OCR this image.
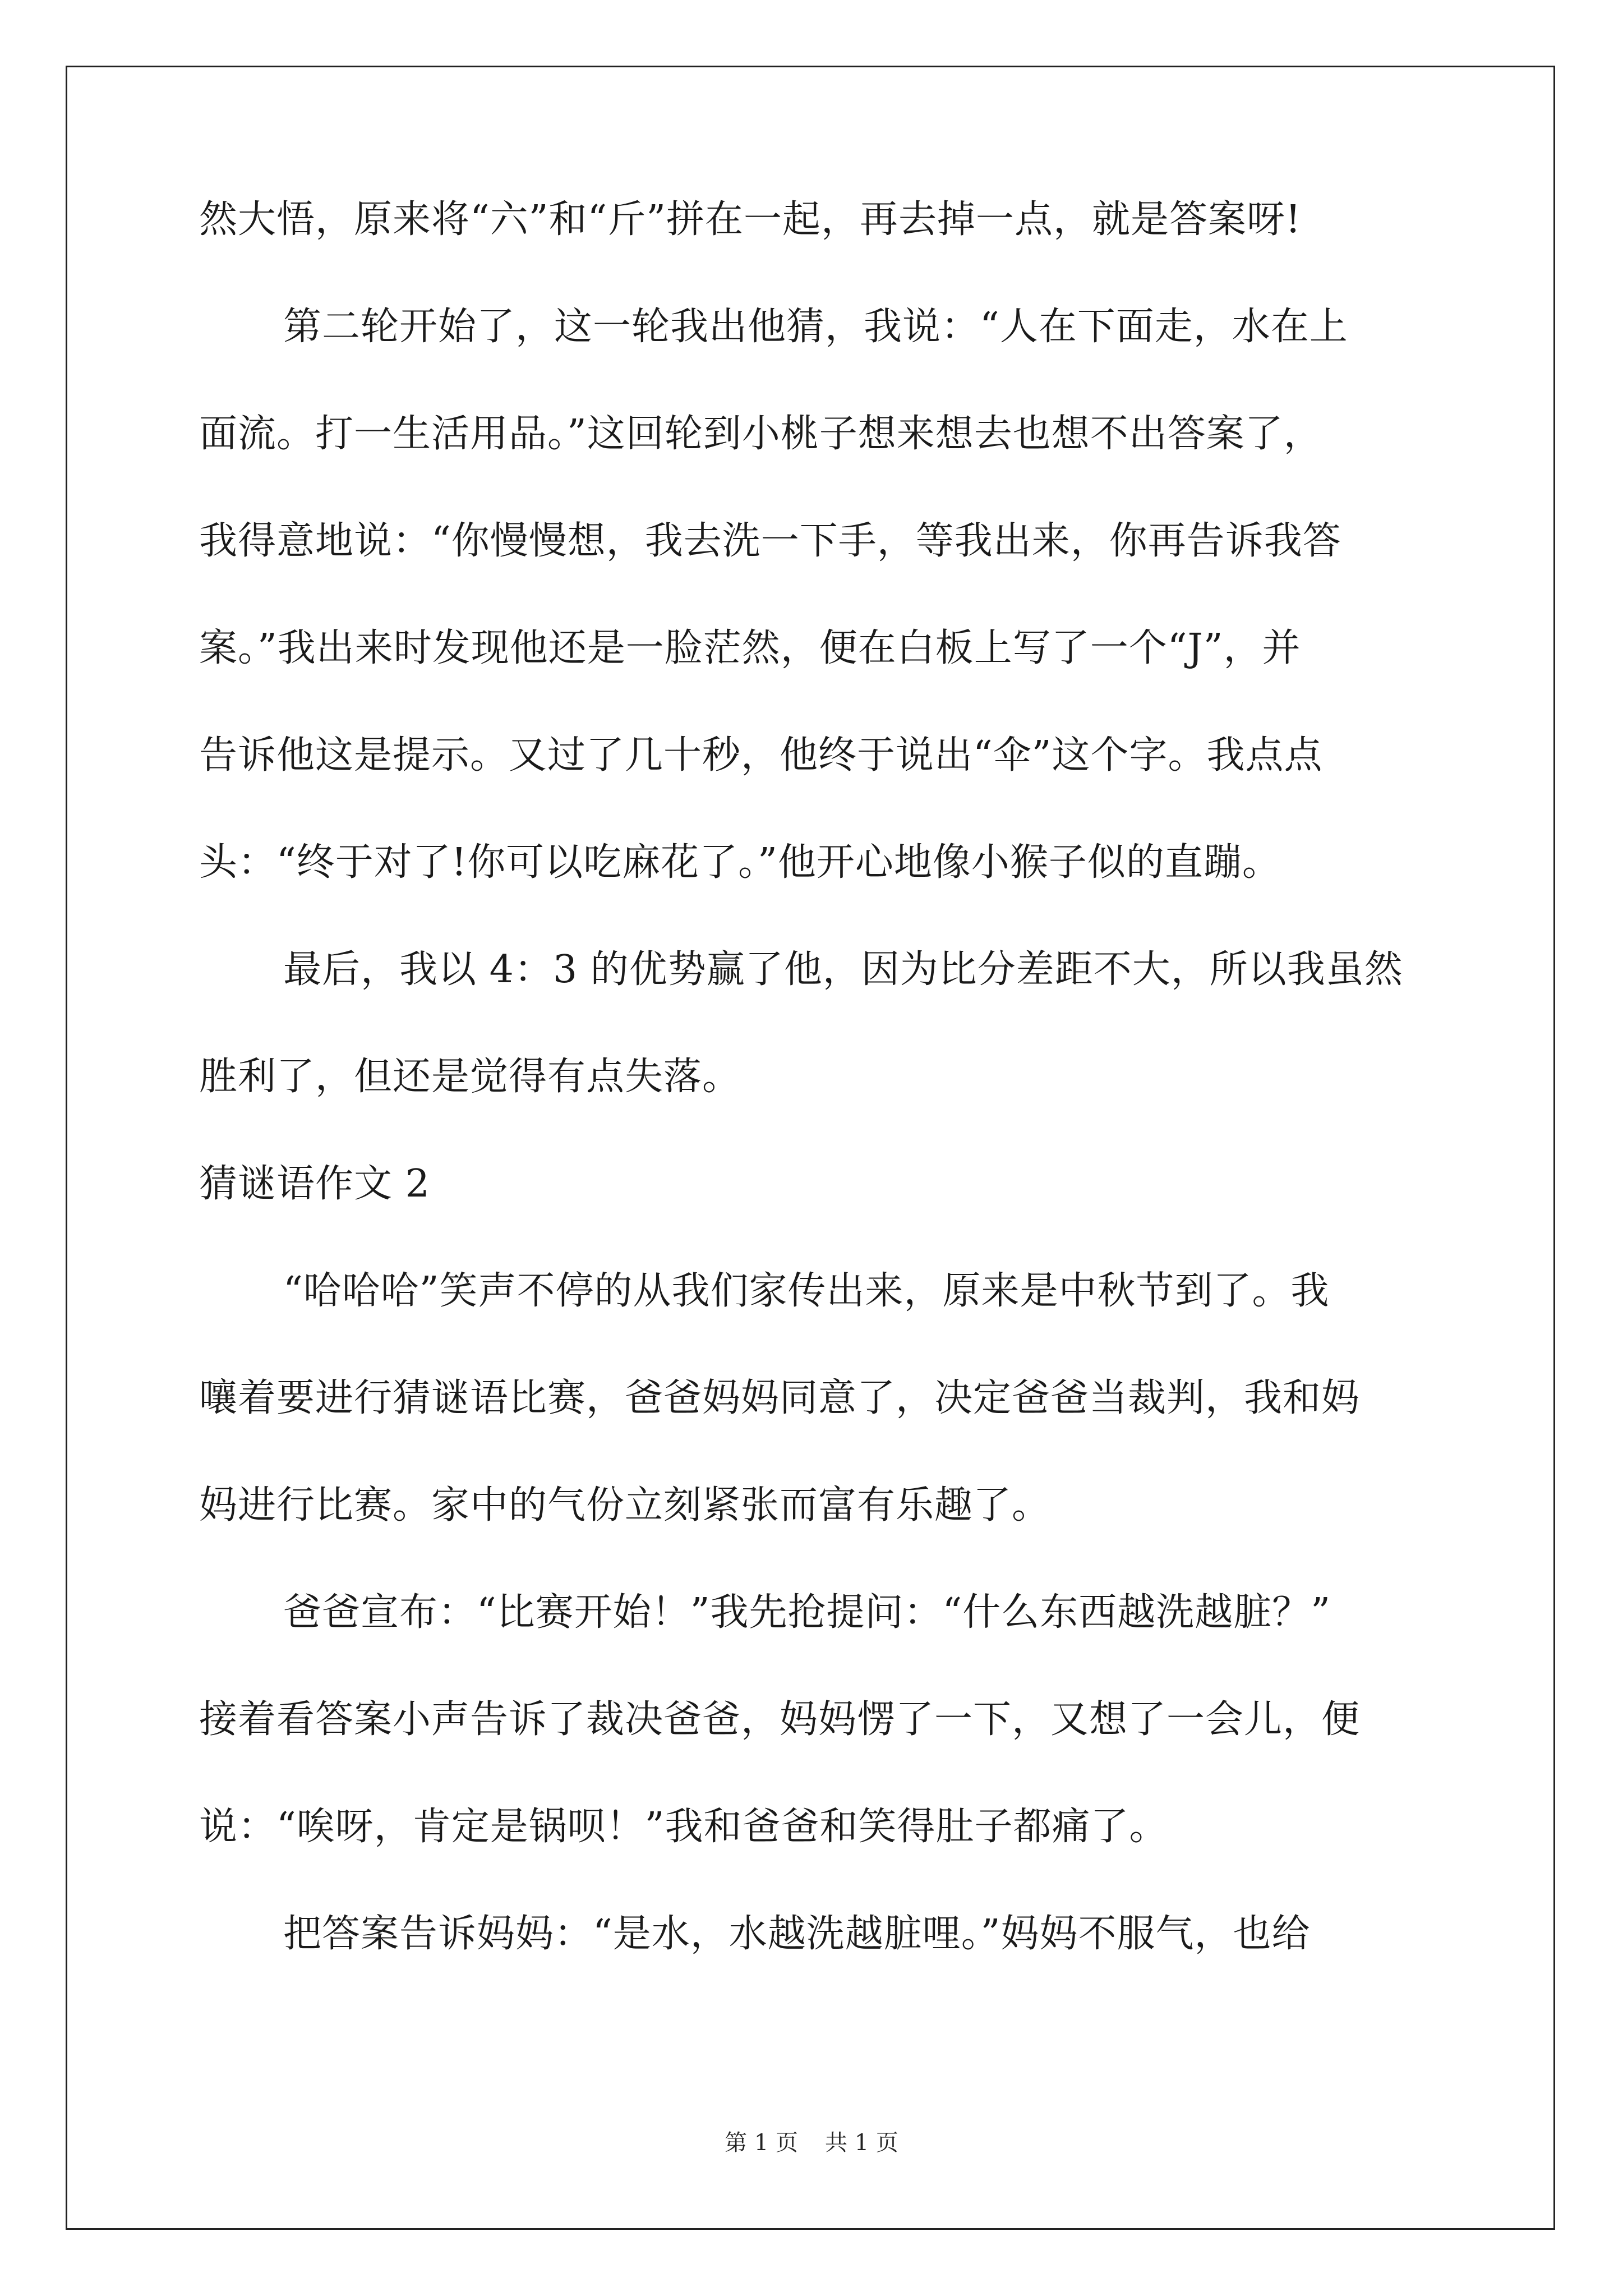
然大悟，原来将“六”和“斤”拼在一起，再去掉一点，就是答案呀!
第二轮开始了，这一轮我出他猜，我说：“人在下面走，水在上
面流。打一生活用品。”这回轮到小桃子想来想去也想不出答案了，
我得意地说：“你慢慢想，我去洗一下手，等我出来，你再告诉我答
案。”我出来时发现他还是一脸茫然，便在白板上写了一个“J”，并
告诉他这是提示。又过了几十秒，他终于说出“伞”这个字。我点点
头：“终于对了!你可以吃麻花了。”他开心地像小猴子似的直蹦。
最后，我以 4：3 的优势赢了他，因为比分差距不大，所以我虽然
胜利了，但还是觉得有点失落。
猜谜语作文 2
“哈哈哈”笑声不停的从我们家传出来，原来是中秋节到了。我
嚷着要进行猜谜语比赛，爸爸妈妈同意了，决定爸爸当裁判，我和妈
妈进行比赛。家中的气份立刻紧张而富有乐趣了。
爸爸宣布：“比赛开始！”我先抢提问：“什么东西越洗越脏？”
接着看答案小声告诉了裁决爸爸，妈妈愣了一下，又想了一会儿，便
说：“唉呀，肯定是锅呗！”我和爸爸和笑得肚子都痛了。
把答案告诉妈妈：“是水，水越洗越脏哩。”妈妈不服气，也给
第 1 页 共 1 页
